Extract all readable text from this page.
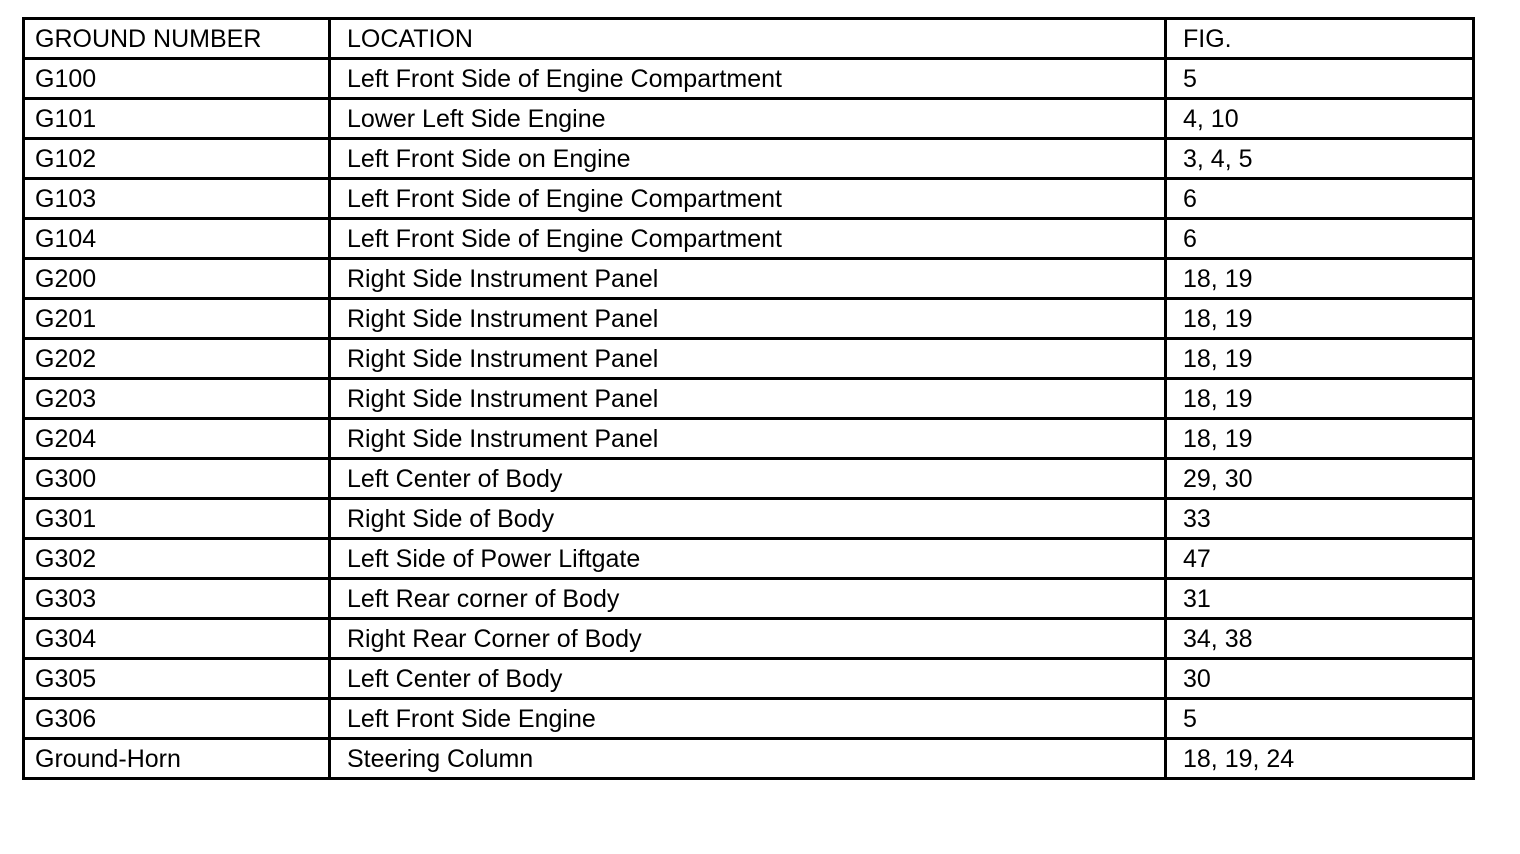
GROUND NUMBER	LOCATION	FIG.
G100	Left Front Side of Engine Compartment	5
G101	Lower Left Side Engine	4, 10
G102	Left Front Side on Engine	3, 4, 5
G103	Left Front Side of Engine Compartment	6
G104	Left Front Side of Engine Compartment	6
G200	Right Side Instrument Panel	18, 19
G201	Right Side Instrument Panel	18, 19
G202	Right Side Instrument Panel	18, 19
G203	Right Side Instrument Panel	18, 19
G204	Right Side Instrument Panel	18, 19
G300	Left Center of Body	29, 30
G301	Right Side of Body	33
G302	Left Side of Power Liftgate	47
G303	Left Rear corner of Body	31
G304	Right Rear Corner of Body	34, 38
G305	Left Center of Body	30
G306	Left Front Side Engine	5
Ground-Horn	Steering Column	18, 19, 24
